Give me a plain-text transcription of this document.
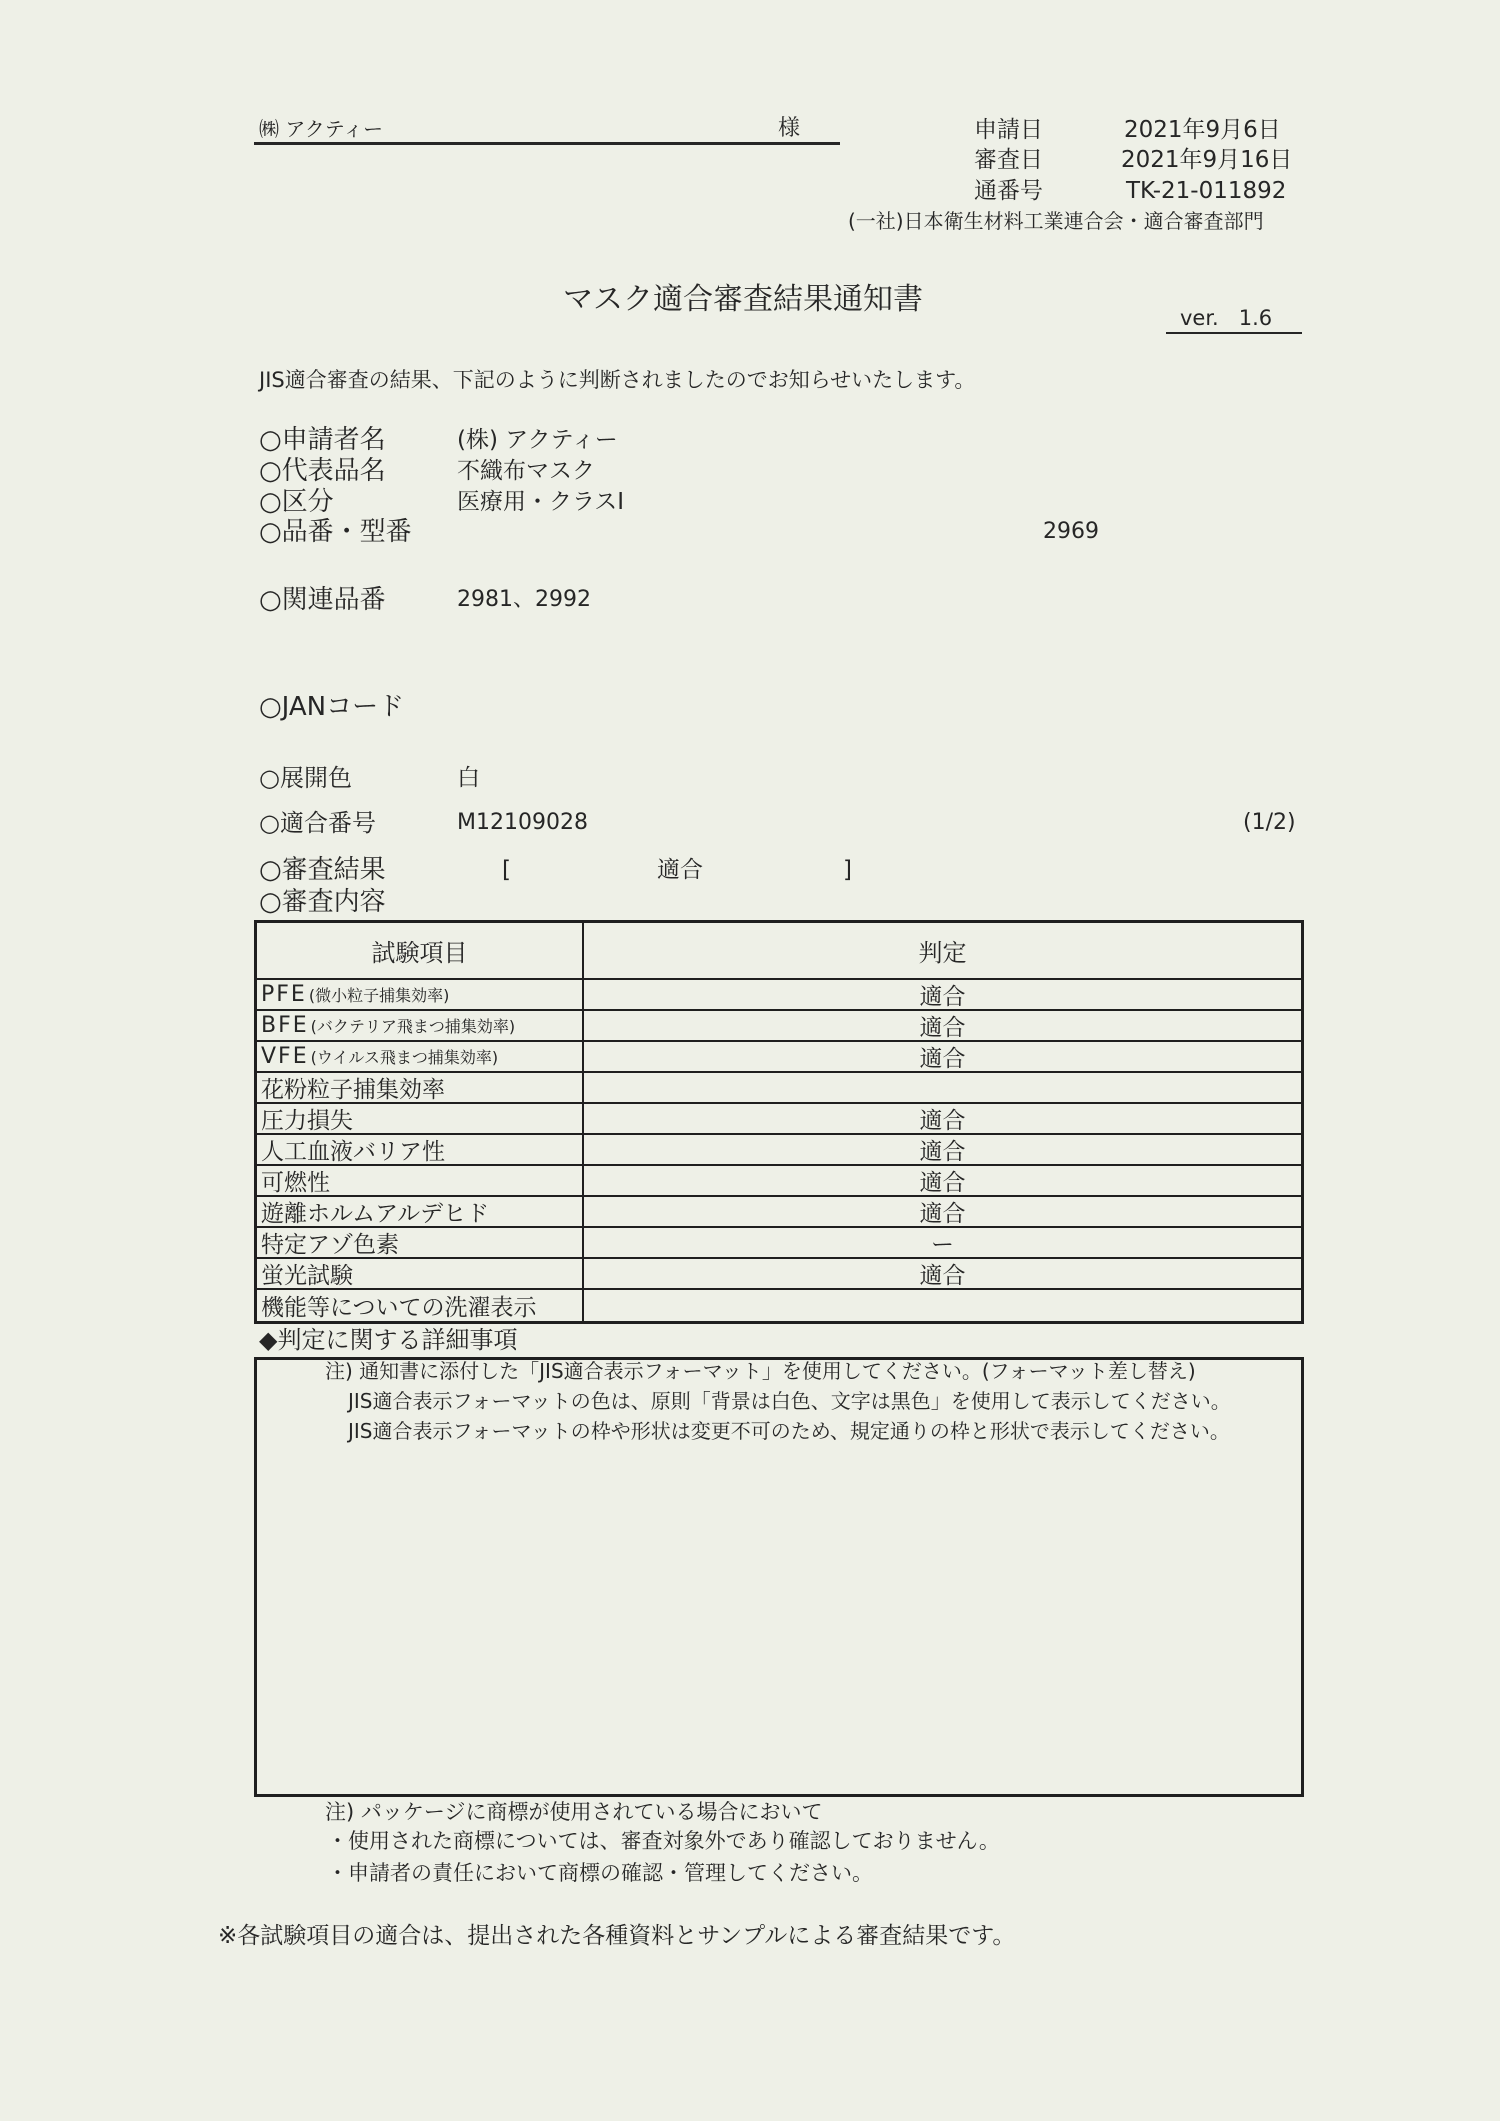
㈱ アクティー	様	申請日	2021年9月6日
審査日	2021年9月16日
通番号	TK-21-011892
(一社)日本衛生材料工業連合会・適合審査部門
マスク適合審査結果通知書
ver.   1.6
JIS適合審査の結果、下記のように判断されましたのでお知らせいたします。
○申請者名	(株) アクティー
○代表品名	不織布マスク
○区分	医療用・クラスⅠ
○品番・型番	2969
○関連品番	2981、2992
○JANコード
○展開色	白
○適合番号	M12109028	(1/2)
○審査結果	[	適合	]
○審査内容
試験項目	判定
PFE (微小粒子捕集効率)	適合
BFE (バクテリア飛まつ捕集効率)	適合
VFE (ウイルス飛まつ捕集効率)	適合
花粉粒子捕集効率
圧力損失	適合
人工血液バリア性	適合
可燃性	適合
遊離ホルムアルデヒド	適合
特定アゾ色素	ー
蛍光試験	適合
機能等についての洗濯表示
◆判定に関する詳細事項
注) 通知書に添付した「JIS適合表示フォーマット」を使用してください。(フォーマット差し替え)
JIS適合表示フォーマットの色は、原則「背景は白色、文字は黒色」を使用して表示してください。
JIS適合表示フォーマットの枠や形状は変更不可のため、規定通りの枠と形状で表示してください。
注) パッケージに商標が使用されている場合において
・使用された商標については、審査対象外であり確認しておりません。
・申請者の責任において商標の確認・管理してください。
※各試験項目の適合は、提出された各種資料とサンプルによる審査結果です。
